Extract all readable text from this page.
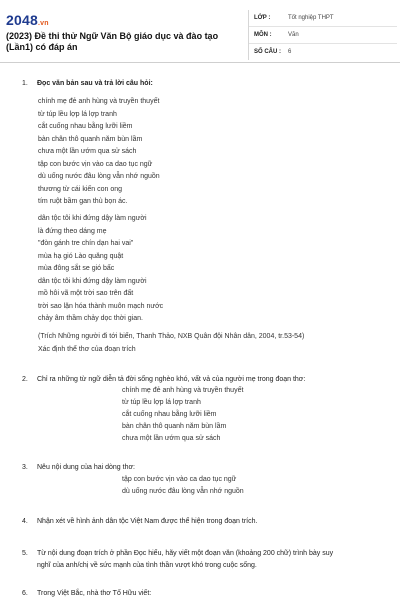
2048.vn
(2023) Đề thi thử Ngữ Văn Bộ giáo dục và đào tạo (Lần1) có đáp án
LỚP :	Tốt nghiệp THPT
MÔN :	Văn
SỐ CÂU :	6
1. Đọc văn bản sau và trả lời câu hỏi:
chính mẹ đẻ anh hùng và truyền thuyết
từ túp lều lợp lá lợp tranh
cắt cuống nhau bằng lưỡi liềm
bàn chân thô quanh năm bùn lầm
chưa một lần ướm qua sử sách
tập con bước vịn vào ca dao tục ngữ
dù uống nước đâu lòng vẫn nhớ nguồn
thương từ cái kiến con ong
tím ruột bầm gan thù bọn ác.
dân tộc tôi khi đứng dậy làm người
là đứng theo dáng mẹ
"đòn gánh tre chín dạn hai vai"
mùa hạ gió Lào quăng quật
mùa đông sắt se gió bấc
dân tộc tôi khi đứng dậy làm người
mồ hôi vã một trời sao trên đất
trời sao lặn hóa thành muôn mạch nước
chảy âm thầm chảy dọc thời gian.
(Trích Những người đi tới biển, Thanh Thảo, NXB Quân đội Nhân dân, 2004, tr.53-54)
Xác định thể thơ của đoạn trích
2. Chỉ ra những từ ngữ diễn tả đời sống nghèo khó, vất vả của người mẹ trong đoạn thơ:
chính mẹ đẻ anh hùng và truyền thuyết
từ túp lều lợp lá lợp tranh
cắt cuống nhau bằng lưỡi liềm
bàn chân thô quanh năm bùn lầm
chưa một lần ướm qua sử sách
3. Nêu nội dung của hai dòng thơ:
tập con bước vịn vào ca dao tục ngữ
dù uống nước đâu lòng vẫn nhớ nguồn
4. Nhận xét về hình ảnh dân tộc Việt Nam được thể hiện trong đoạn trích.
5. Từ nội dung đoạn trích ở phần Đọc hiểu, hãy viết một đoạn văn (khoảng 200 chữ) trình bày suy
nghĩ của anh/chị về sức mạnh của tình thần vượt khó trong cuộc sống.
6. Trong Việt Bắc, nhà thơ Tố Hữu viết:
